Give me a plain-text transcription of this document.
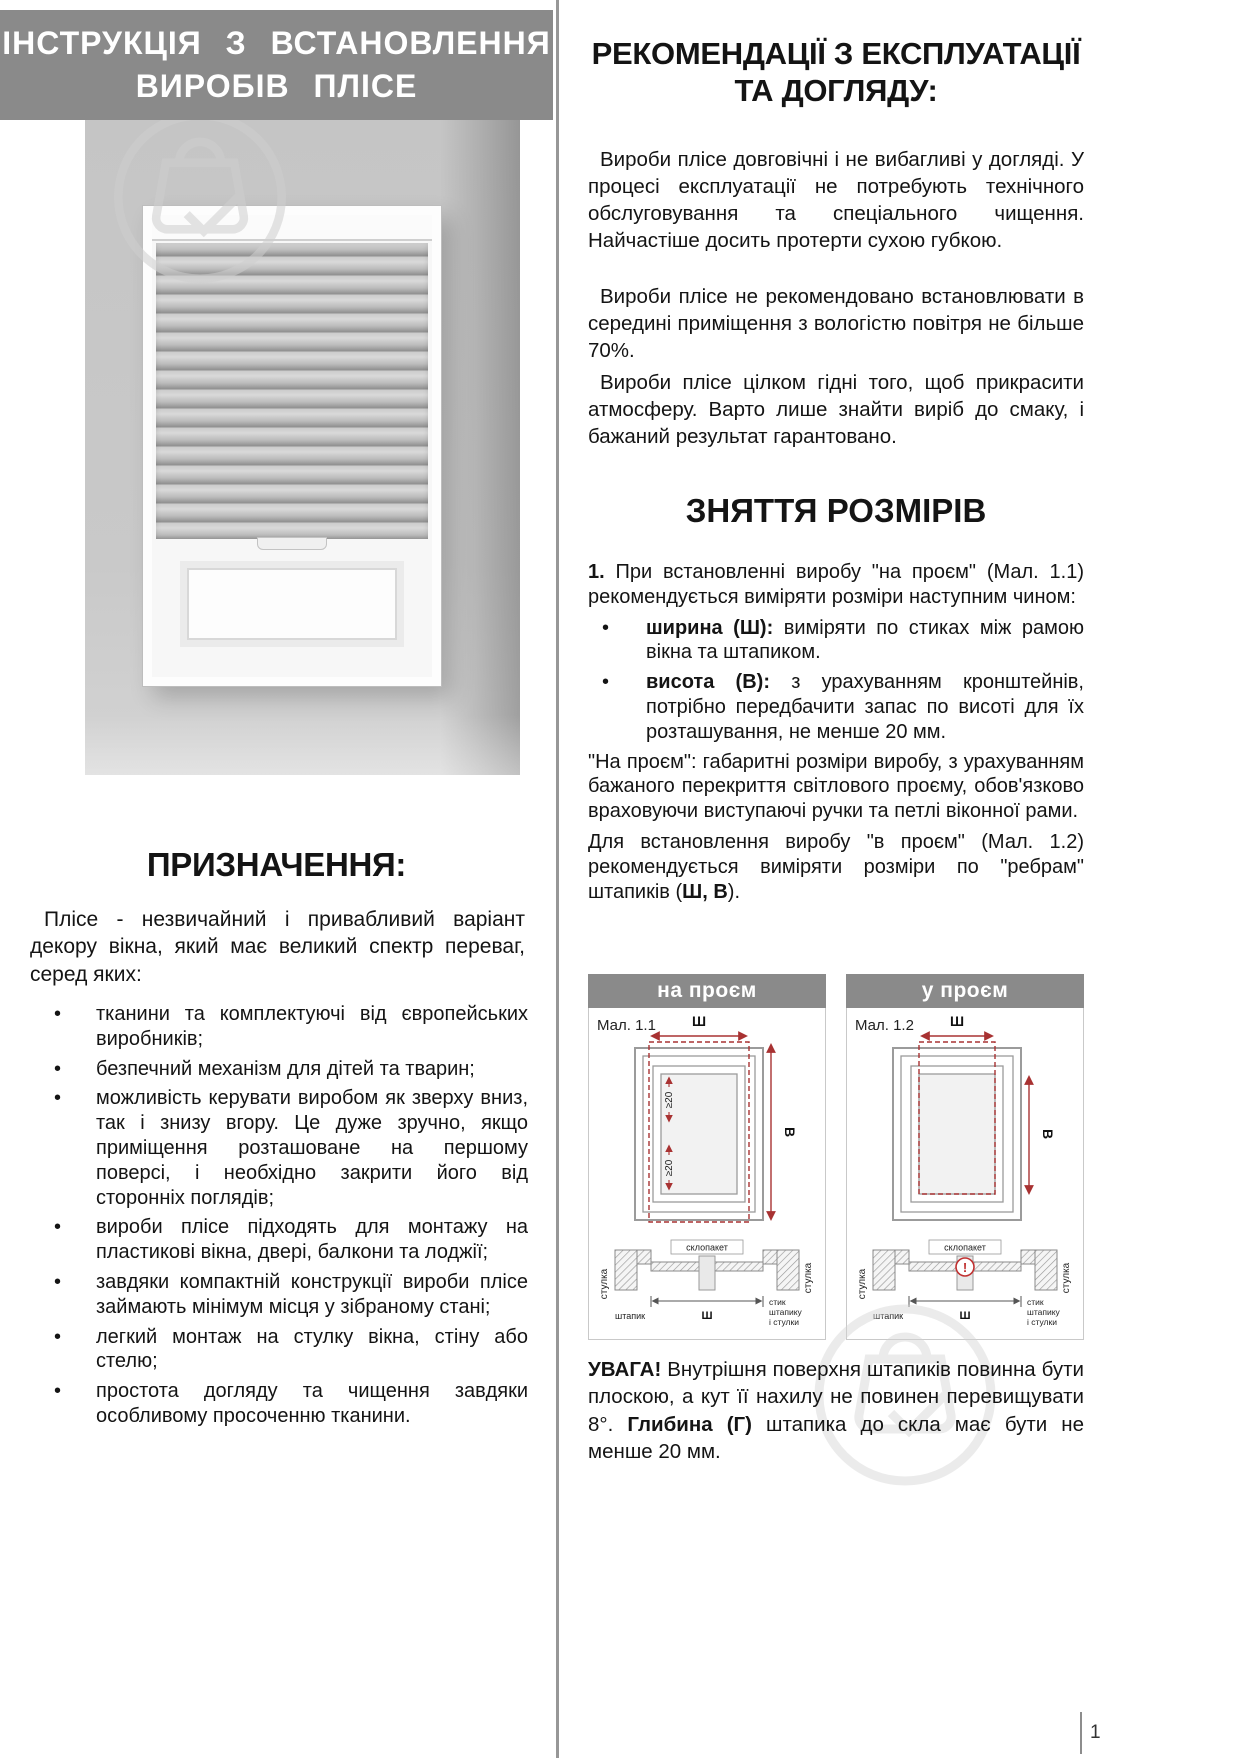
ІНСТРУКЦІЯ З ВСТАНОВЛЕННЯ
ВИРОБІВ ПЛІСЕ
ПРИЗНАЧЕННЯ:
Плісе - незвичайний і привабливий варіант декору вікна, який має великий спектр переваг, серед яких:
• тканини та комплектуючі від європейських виробників;
• безпечний механізм для дітей та тварин;
• можливість керувати виробом як зверху вниз, так і знизу вгору. Це дуже зручно, якщо приміщення розташоване на першому поверсі, і необхідно закрити його від сторонніх поглядів;
• вироби плісе підходять для монтажу на пластикові вікна, двері, балкони та лоджії;
• завдяки компактній конструкції вироби плісе займають мінімум місця у зібраному стані;
• легкий монтаж на стулку вікна, стіну або стелю;
• простота догляду та чищення завдяки особливому просоченню тканини.
РЕКОМЕНДАЦІЇ З ЕКСПЛУАТАЦІЇ
ТА ДОГЛЯДУ:

Вироби плісе довговічні і не вибагливі у догляді. У процесі експлуатації не потребують технічного обслуговування та спеціального чищення. Найчастіше досить протерти сухою губкою.

Вироби плісе не рекомендовано встановлювати в середині приміщення з вологістю повітря не більше 70%.

Вироби плісе цілком гідні того, щоб прикрасити атмосферу. Варто лише знайти виріб до смаку, і бажаний результат гарантовано.

ЗНЯТТЯ РОЗМІРІВ

1. При встановленні виробу "на проєм" (Мал. 1.1) рекомендується виміряти розміри наступним чином:

• ширина (Ш): виміряти по стиках між рамою вікна та штапиком.
• висота (В): з урахуванням кронштейнів, потрібно передбачити запас по висоті для їх розташування, не менше 20 мм.

"На проєм": габаритні розміри виробу, з урахуванням бажаного перекриття світлового проєму, обов'язково враховуючи виступаючі ручки та петлі віконної рами.

Для встановлення виробу "в проєм" (Мал. 1.2) рекомендується виміряти розміри по "ребрам" штапиків (Ш, В).

на проєм
Мал. 1.1	Ш
В
≥20
≥20
стулка
склопакет
Ш
штапик
стик
штапику
і стулки
стулка
у проєм
Мал. 1.2	Ш
В
стулка
склопакет
!
Ш
штапик
стик
штапику
і стулки
стулка

УВАГА! Внутрішня поверхня штапиків повинна бути плоскою, а кут її нахилу не повинен перевищувати 8°. Глибина (Г) штапика до скла має бути не менше 20 мм.

1
